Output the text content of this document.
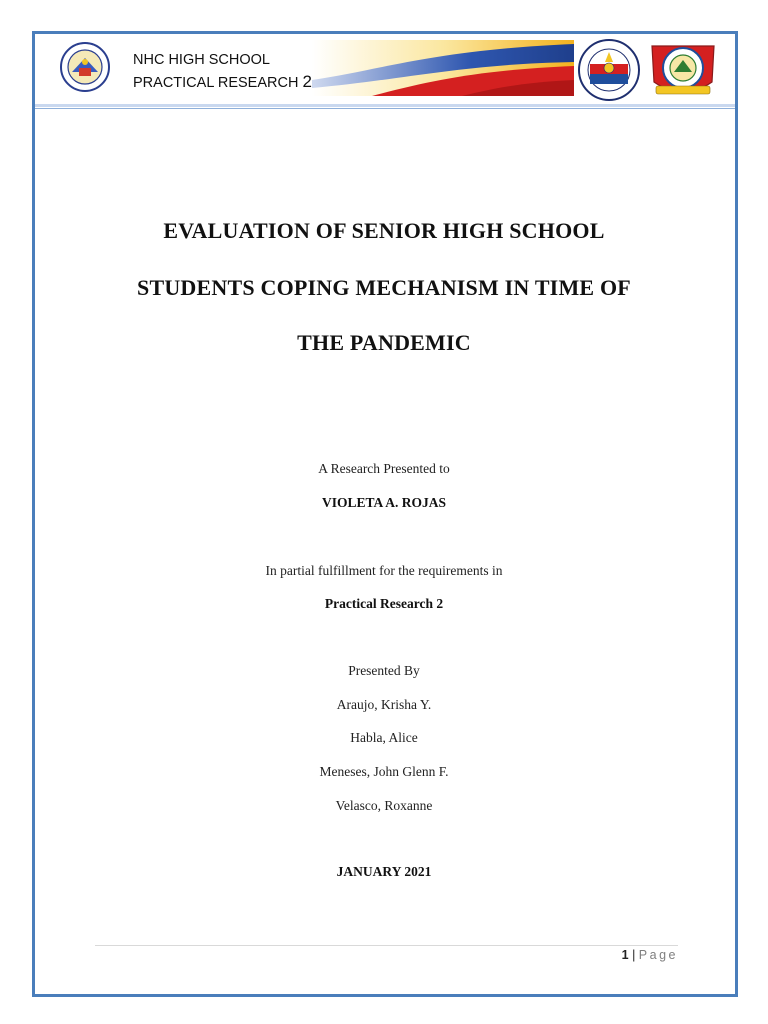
NHC HIGH SCHOOL
PRACTICAL RESEARCH 2
EVALUATION OF SENIOR HIGH SCHOOL
STUDENTS COPING MECHANISM IN TIME OF
THE PANDEMIC
A Research Presented to
VIOLETA A. ROJAS
In partial fulfillment for the requirements in
Practical Research 2
Presented By
Araujo, Krisha Y.
Habla, Alice
Meneses, John Glenn F.
Velasco, Roxanne
JANUARY 2021
1 | Page
